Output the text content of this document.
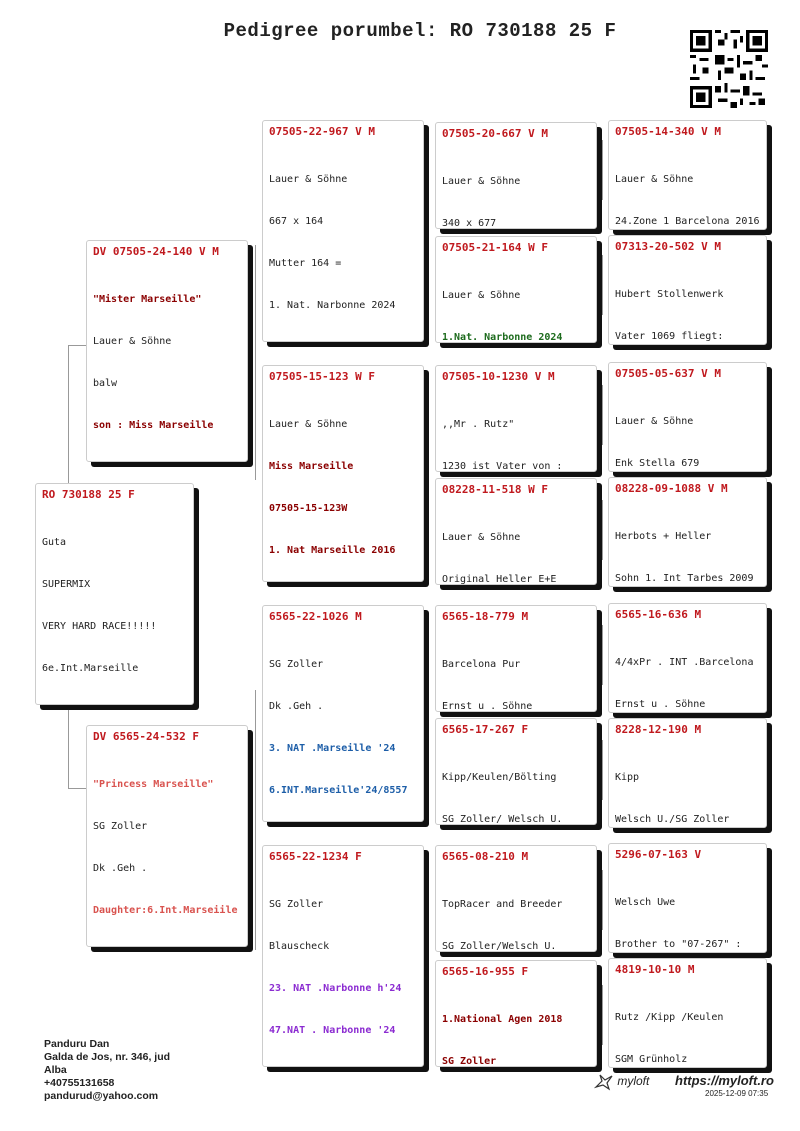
Pedigree porumbel: RO 730188 25 F
RO 730188 25 F

Guta

SUPERMIX

VERY HARD RACE!!!!!

6e.Int.Marseille

DV 07505-24-140 V M

"Mister Marseille"

Lauer & Söhne

balw

son : Miss Marseille

DV 6565-24-532 F

"Princess Marseille"

SG Zoller

Dk .Geh .

Daughter:6.Int.Marseiile

07505-22-967 V M

Lauer & Söhne

667 x 164

Mutter 164 =

1. Nat. Narbonne 2024

07505-15-123 W F

Lauer & Söhne

Miss Marseille

07505-15-123W

1. Nat Marseille 2016

6565-22-1026 M

SG Zoller

Dk .Geh .

3. NAT .Marseille '24

6.INT.Marseille'24/8557

6565-22-1234 F

SG Zoller

Blauscheck

23. NAT .Narbonne h'24

47.NAT . Narbonne '24

07505-20-667 V M

Lauer & Söhne

340 x 677

07505-21-164 W F

Lauer & Söhne

1.Nat. Narbonne 2024

07505-10-1230 V M

,,Mr . Rutz"

1230 ist Vater von :

08228-11-518 W F

Lauer & Söhne

Original Heller E+E

6565-18-779 M

Barcelona Pur

Ernst u . Söhne

6565-17-267 F

Kipp/Keulen/Bölting

SG Zoller/ Welsch U.

6565-08-210 M

TopRacer and Breeder

SG Zoller/Welsch U.

6565-16-955 F

1.National Agen 2018

SG Zoller

07505-14-340 V M

Lauer & Söhne

24.Zone 1 Barcelona 2016

07313-20-502 V M

Hubert Stollenwerk

Vater 1069 fliegt:

07505-05-637 V M

Lauer & Söhne

Enk Stella 679

08228-09-1088 V M

Herbots + Heller

Sohn 1. Int Tarbes 2009

6565-16-636 M

4/4xPr . INT .Barcelona

Ernst u . Söhne

8228-12-190 M

Kipp

Welsch U./SG Zoller

5296-07-163 V

Welsch Uwe

Brother to "07-267" :

4819-10-10 M

Rutz /Kipp /Keulen

SGM Grünholz

Panduru Dan
Galda de Jos, nr. 346, jud
Alba
+40755131658
pandurud@yahoo.com
myloft https://myloft.ro
2025-12-09 07:35
